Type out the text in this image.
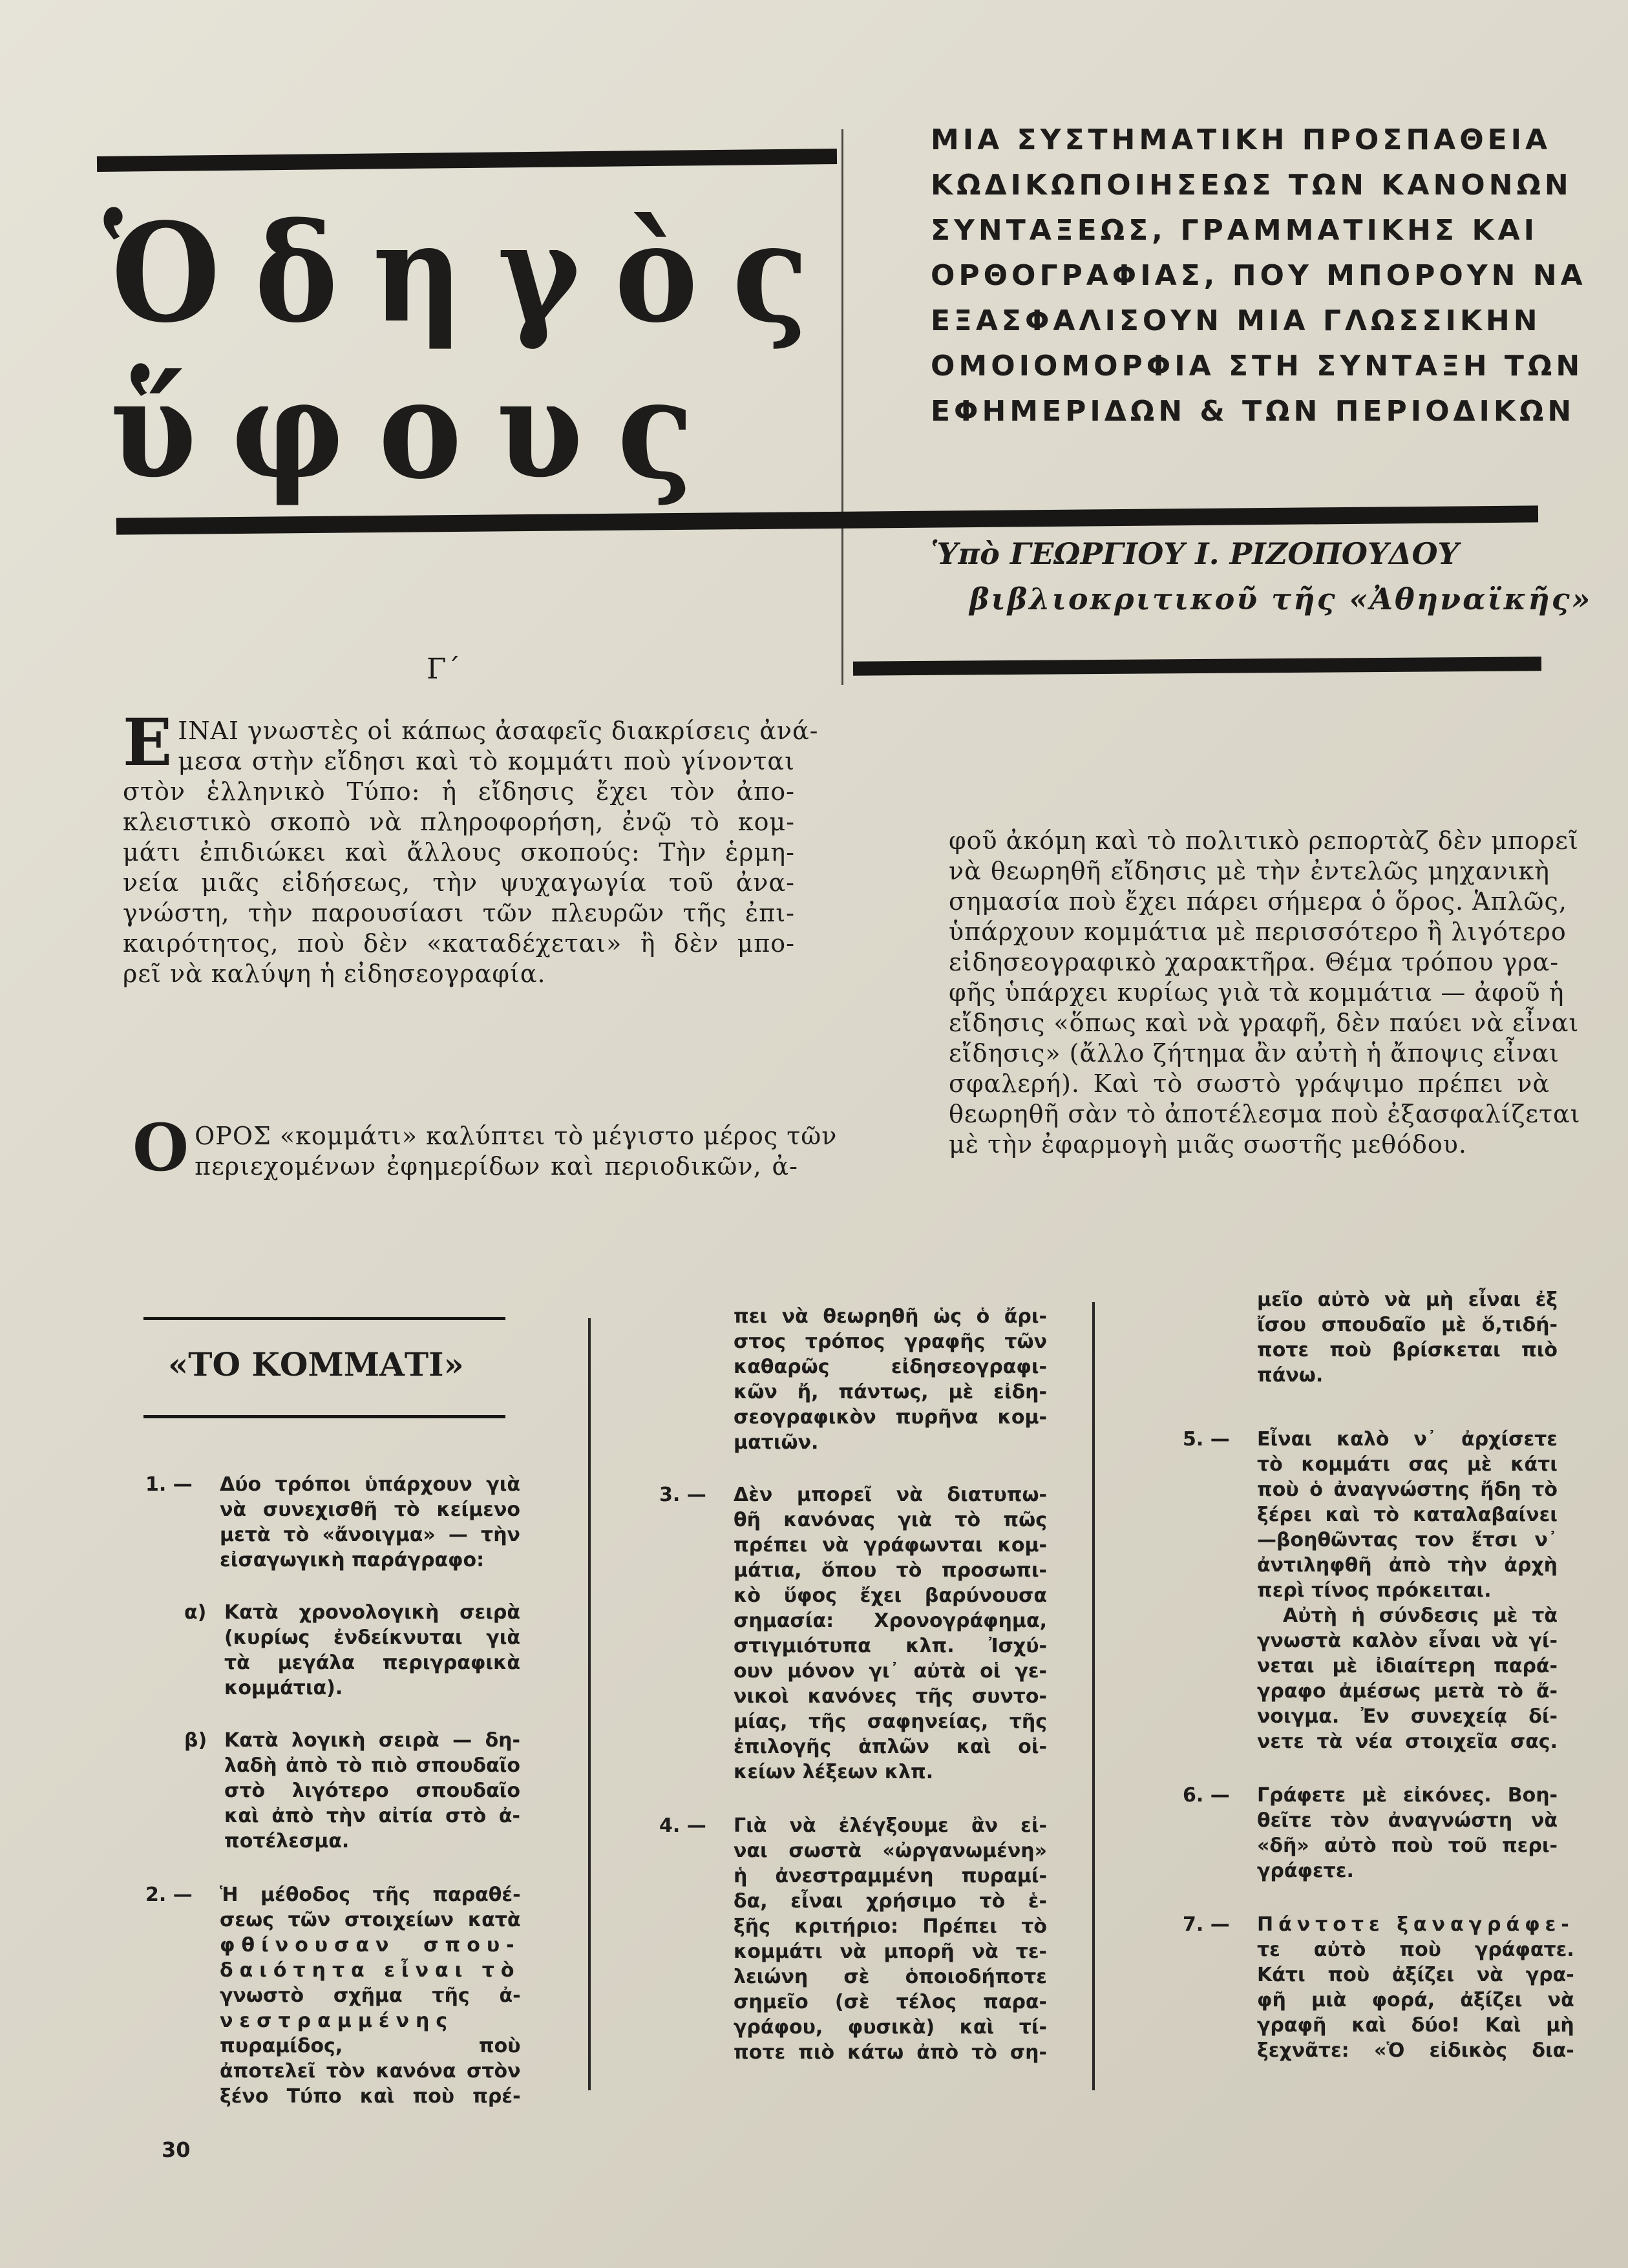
Ὁδηγὸς
ὕφους
ΜΙΑ ΣΥΣΤΗΜΑΤΙΚΗ ΠΡΟΣΠΑΘΕΙΑ
ΚΩΔΙΚΩΠΟΙΗΣΕΩΣ ΤΩΝ ΚΑΝΟΝΩΝ
ΣΥΝΤΑΞΕΩΣ, ΓΡΑΜΜΑΤΙΚΗΣ ΚΑΙ
ΟΡΘΟΓΡΑΦΙΑΣ, ΠΟΥ ΜΠΟΡΟΥΝ ΝΑ
ΕΞΑΣΦΑΛΙΣΟΥΝ ΜΙΑ ΓΛΩΣΣΙΚΗΝ
ΟΜΟΙΟΜΟΡΦΙΑ ΣΤΗ ΣΥΝΤΑΞΗ ΤΩΝ
ΕΦΗΜΕΡΙΔΩΝ & ΤΩΝ ΠΕΡΙΟΔΙΚΩΝ
Ὑπὸ ΓΕΩΡΓΙΟΥ Ι. ΡΙΖΟΠΟΥΔΟΥ
βιβλιοκριτικοῦ τῆς «Ἀθηναϊκῆς»
Γ΄
Ε ΙΝΑΙ γνωστὲς οἱ κάπως ἀσαφεῖς διακρίσεις ἀνά-
μεσα στὴν εἴδησι καὶ τὸ κομμάτι ποὺ γίνονται
στὸν ἑλληνικὸ Τύπο: ἡ εἴδησις ἔχει τὸν ἀπο-
κλειστικὸ σκοπὸ νὰ πληροφορήση, ἐνῷ τὸ κομ-
μάτι ἐπιδιώκει καὶ ἄλλους σκοπούς: Τὴν ἑρμη-
νεία μιᾶς εἰδήσεως, τὴν ψυχαγωγία τοῦ ἀνα-
γνώστη, τὴν παρουσίασι τῶν πλευρῶν τῆς ἐπι-
καιρότητος, ποὺ δὲν «καταδέχεται» ἢ δὲν μπο-
ρεῖ νὰ καλύψη ἡ εἰδησεογραφία.
Ο ΟΡΟΣ «κομμάτι» καλύπτει τὸ μέγιστο μέρος τῶν
περιεχομένων ἐφημερίδων καὶ περιοδικῶν, ἀ-
φοῦ ἀκόμη καὶ τὸ πολιτικὸ ρεπορτὰζ δὲν μπορεῖ
νὰ θεωρηθῆ εἴδησις μὲ τὴν ἐντελῶς μηχανικὴ
σημασία ποὺ ἔχει πάρει σήμερα ὁ ὅρος. Ἁπλῶς,
ὑπάρχουν κομμάτια μὲ περισσότερο ἢ λιγότερο
εἰδησεογραφικὸ χαρακτῆρα. Θέμα τρόπου γρα-
φῆς ὑπάρχει κυρίως γιὰ τὰ κομμάτια — ἀφοῦ ἡ
εἴδησις «ὅπως καὶ νὰ γραφῆ, δὲν παύει νὰ εἶναι
εἴδησις» (ἄλλο ζήτημα ἂν αὐτὴ ἡ ἄποψις εἶναι
σφαλερή). Καὶ τὸ σωστὸ γράψιμο πρέπει νὰ
θεωρηθῆ σὰν τὸ ἀποτέλεσμα ποὺ ἐξασφαλίζεται
μὲ τὴν ἐφαρμογὴ μιᾶς σωστῆς μεθόδου.
«ΤΟ ΚΟΜΜΑΤΙ»
1. —	Δύο τρόποι ὑπάρχουν γιὰ
νὰ συνεχισθῆ τὸ κείμενο
μετὰ τὸ «ἄνοιγμα» — τὴν
εἰσαγωγικὴ παράγραφο:
α) Κατὰ χρονολογικὴ σειρὰ
(κυρίως ἐνδείκνυται γιὰ
τὰ μεγάλα περιγραφικὰ
κομμάτια).
β) Κατὰ λογικὴ σειρὰ — δη-
λαδὴ ἀπὸ τὸ πιὸ σπουδαῖο
στὸ λιγότερο σπουδαῖο
καὶ ἀπὸ τὴν αἰτία στὸ ἀ-
ποτέλεσμα.
2. —	Ἡ μέθοδος τῆς παραθέ-
σεως τῶν στοιχείων κατὰ
φθίνουσαν σπου-
δαιότητα εἶναι τὸ
γνωστὸ σχῆμα τῆς ἀ-
νεστραμμένης
πυραμίδος, ποὺ
ἀποτελεῖ τὸν κανόνα στὸν
ξένο Τύπο καὶ ποὺ πρέ-
πει νὰ θεωρηθῆ ὡς ὁ ἄρι-
στος τρόπος γραφῆς τῶν
καθαρῶς εἰδησεογραφι-
κῶν ἤ, πάντως, μὲ εἰδη-
σεογραφικὸν πυρῆνα κομ-
ματιῶν.
3. —	Δὲν μπορεῖ νὰ διατυπω-
θῆ κανόνας γιὰ τὸ πῶς
πρέπει νὰ γράφωνται κομ-
μάτια, ὅπου τὸ προσωπι-
κὸ ὕφος ἔχει βαρύνουσα
σημασία: Χρονογράφημα,
στιγμιότυπα κλπ. Ἰσχύ-
ουν μόνον γι᾽ αὐτὰ οἱ γε-
νικοὶ κανόνες τῆς συντο-
μίας, τῆς σαφηνείας, τῆς
ἐπιλογῆς ἁπλῶν καὶ οἰ-
κείων λέξεων κλπ.
4. —	Γιὰ νὰ ἐλέγξουμε ἂν εἰ-
ναι σωστὰ «ὠργανωμένη»
ἡ ἀνεστραμμένη πυραμί-
δα, εἶναι χρήσιμο τὸ ἑ-
ξῆς κριτήριο: Πρέπει τὸ
κομμάτι νὰ μπορῆ νὰ τε-
λειώνη σὲ ὁποιοδήποτε
σημεῖο (σὲ τέλος παρα-
γράφου, φυσικὰ) καὶ τί-
ποτε πιὸ κάτω ἀπὸ τὸ ση-
μεῖο αὐτὸ νὰ μὴ εἶναι ἐξ
ἴσου σπουδαῖο μὲ ὅ,τιδή-
ποτε ποὺ βρίσκεται πιὸ
πάνω.
5. —	Εἶναι καλὸ ν᾽ ἀρχίσετε
τὸ κομμάτι σας μὲ κάτι
ποὺ ὁ ἀναγνώστης ἤδη τὸ
ξέρει καὶ τὸ καταλαβαίνει
—βοηθῶντας τον ἔτσι ν᾽
ἀντιληφθῆ ἀπὸ τὴν ἀρχὴ
περὶ τίνος πρόκειται.
Αὐτὴ ἡ σύνδεσις μὲ τὰ
γνωστὰ καλὸν εἶναι νὰ γί-
νεται μὲ ἰδιαίτερη παρά-
γραφο ἀμέσως μετὰ τὸ ἄ-
νοιγμα. Ἐν συνεχείᾳ δί-
νετε τὰ νέα στοιχεῖα σας.
6. —	Γράφετε μὲ εἰκόνες. Βοη-
θεῖτε τὸν ἀναγνώστη νὰ
«δῆ» αὐτὸ ποὺ τοῦ περι-
γράφετε.
7. —	Πάντοτε ξαναγράφε-
τε αὐτὸ ποὺ γράφατε.
Κάτι ποὺ ἀξίζει νὰ γρα-
φῆ μιὰ φορά, ἀξίζει νὰ
γραφῆ καὶ δύο! Καὶ μὴ
ξεχνᾶτε: «Ὁ εἰδικὸς δια-
30
